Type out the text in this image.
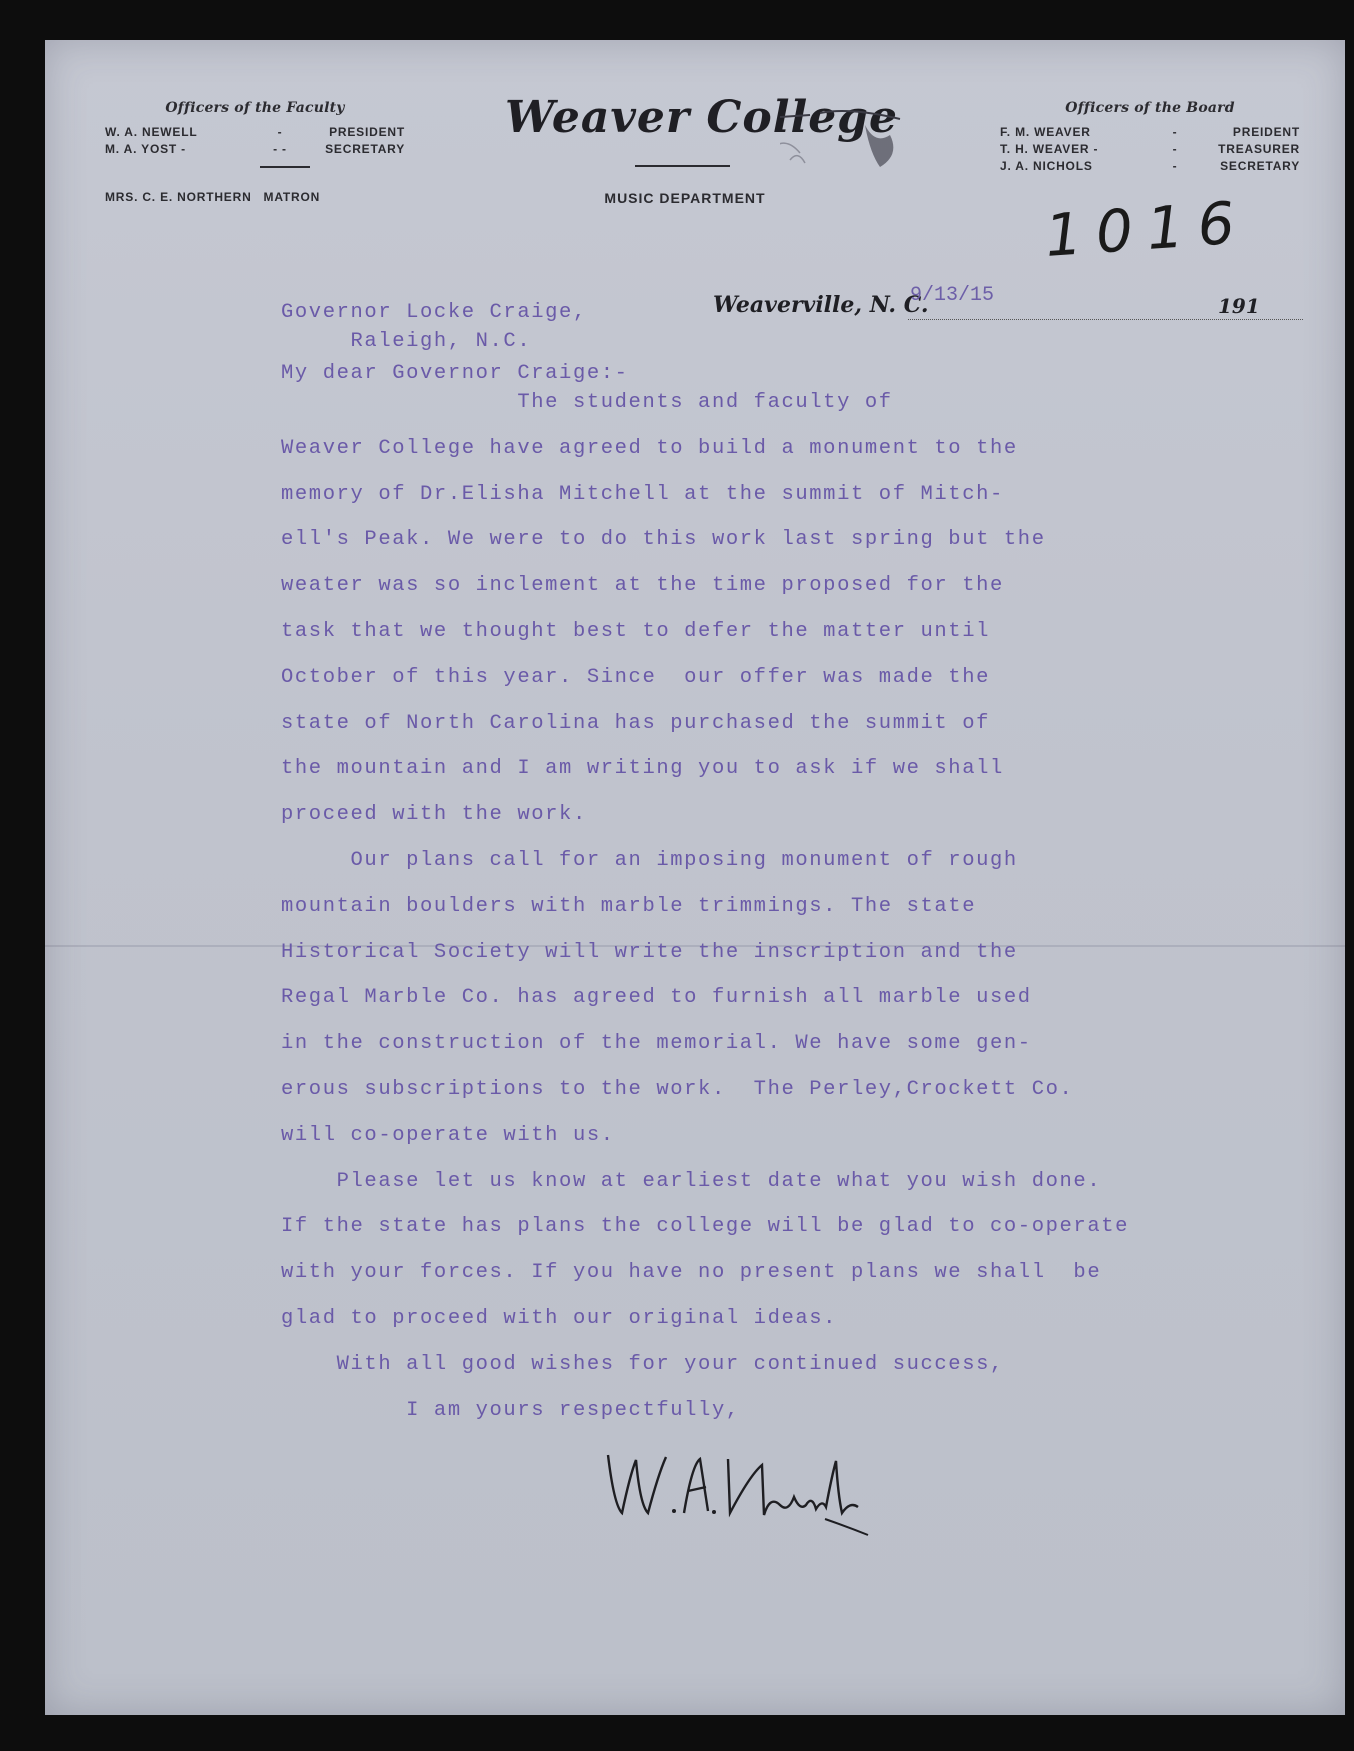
Officers of the Faculty
W. A. NEWELL	-	PRESIDENT
M. A. YOST -	- -	SECRETARY
MRS. C. E. NORTHERN MATRON
Weaver College
MUSIC DEPARTMENT
Officers of the Board
F. M. WEAVER	-	PREIDENT
T. H. WEAVER -	-	TREASURER
J. A. NICHOLS	-	SECRETARY
1016
Weaverville, N. C.
9/13/15	191
Governor Locke Craige,
Raleigh, N.C.
My dear Governor Craige:-
The students and faculty of
Weaver College have agreed to build a monument to the
memory of Dr.Elisha Mitchell at the summit of Mitch-
ell's Peak. We were to do this work last spring but the
weater was so inclement at the time proposed for the
task that we thought best to defer the matter until
October of this year. Since  our offer was made the
state of North Carolina has purchased the summit of
the mountain and I am writing you to ask if we shall
proceed with the work.
Our plans call for an imposing monument of rough
mountain boulders with marble trimmings. The state
Historical Society will write the inscription and the
Regal Marble Co. has agreed to furnish all marble used
in the construction of the memorial. We have some gen-
erous subscriptions to the work.  The Perley,Crockett Co.
will co-operate with us.
Please let us know at earliest date what you wish done.
If the state has plans the college will be glad to co-operate
with your forces. If you have no present plans we shall  be
glad to proceed with our original ideas.
With all good wishes for your continued success,
I am yours respectfully,
